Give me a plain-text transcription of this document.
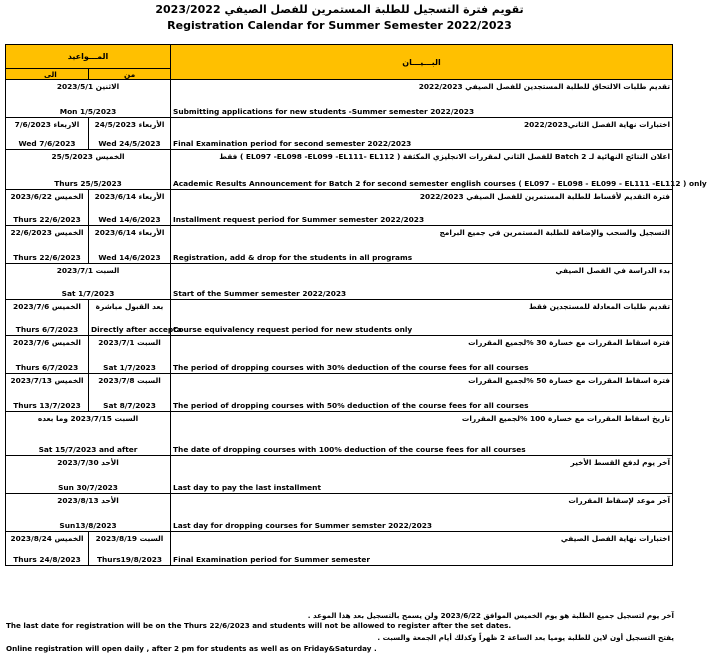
تقويم فترة التسجيل للطلبة المستمرين للفصل الصيفي 2023/2022
Registration Calendar for Summer Semester 2022/2023
المـــواعيد		البـــيـــان
الى	من	

الاثنين 2023/5/1
Mon 1/5/2023		تقديم طلبات الالتحاق للطلبة المستجدين للفصل الصيفي 2022/2023
Submitting applications for new students -Summer semester 2022/2023

الاربعاء 7/6/2023
Wed 7/6/2023	الأربعاء 24/5/2023
Wed 24/5/2023	اختبارات نهاية الفصل الثاني2022/2023
Final Examination period for second semester 2022/2023

الخميس 25/5/2023
Thurs 25/5/2023		اعلان النتائج النهائية لـ Batch 2 للفصل الثاني لمقررات الانجليزي المكثفة ( EL097 -EL098 -EL099 -EL111- EL112 ) فقط
Academic Results Announcement for Batch 2 for second semester english courses ( EL097 - EL098 - EL099 - EL111 -EL112 ) only

الخميس 2023/6/22
Thurs 22/6/2023	الأربعاء 2023/6/14
Wed 14/6/2023	فترة التقديم لأقساط للطلبة المستمرين للفصل الصيفي 2022/2023
Installment request period for Summer semester 2022/2023

الخميس 22/6/2023
Thurs 22/6/2023	الأربعاء 2023/6/14
Wed 14/6/2023	التسجيل والسحب والإضافة للطلبة المستمرين في جميع البرامج
Registration, add & drop for the students in all programs

السبت 2023/7/1
Sat 1/7/2023		بدء الدراسة في الفصل الصيفي
Start of the Summer semester 2022/2023

الخميس 2023/7/6
Thurs 6/7/2023	بعد القبول مباشرة
Directly after accepta	تقديم طلبات المعادلة للمستجدين فقط
Course equivalency request period for new students only

الخميس 2023/7/6
Thurs 6/7/2023	السبت 2023/7/1
Sat 1/7/2023	فترة اسقاط المقررات مع خسارة 30 %لجميع المقررات
The period of dropping courses with 30% deduction of the course fees for all courses

الخميس 2023/7/13
Thurs 13/7/2023	السبت 2023/7/8
Sat 8/7/2023	فترة اسقاط المقررات مع خسارة 50 %لجميع المقررات
The period of dropping courses with 50% deduction of the course fees for all courses

السبت 2023/7/15 وما بعده
Sat 15/7/2023 and after		تاريخ اسقاط المقررات مع خسارة 100 %لجميع المقررات
The date of dropping courses with 100% deduction of the course fees for all courses

الأحد 2023/7/30
Sun 30/7/2023		آخر يوم لدفع القسط الأخير
Last day to pay the last installment

الأحد 2023/8/13
Sun13/8/2023		آخر موعد لإسقاط المقررات
Last day for dropping courses for Summer semster 2022/2023

الخميس 2023/8/24
Thurs 24/8/2023	السبت 2023/8/19
Thurs19/8/2023	اختبارات نهاية الفصل الصيفي
Final Examination period for Summer semester
آخر يوم لتسجيل جميع الطلبة هو يوم الخميس الموافق 2023/6/22 ولن يسمح بالتسجيل بعد هذا الموعد .
The last date for registration will be on the Thurs 22/6/2023 and students will not be allowed to register after the set dates.
يفتح التسجيل أون لاين للطلبة يوميا بعد الساعة 2 ظهراً وكذلك أيام الجمعة والسبت .
Online registration will open daily , after 2 pm for students as well as on Friday&Saturday .
